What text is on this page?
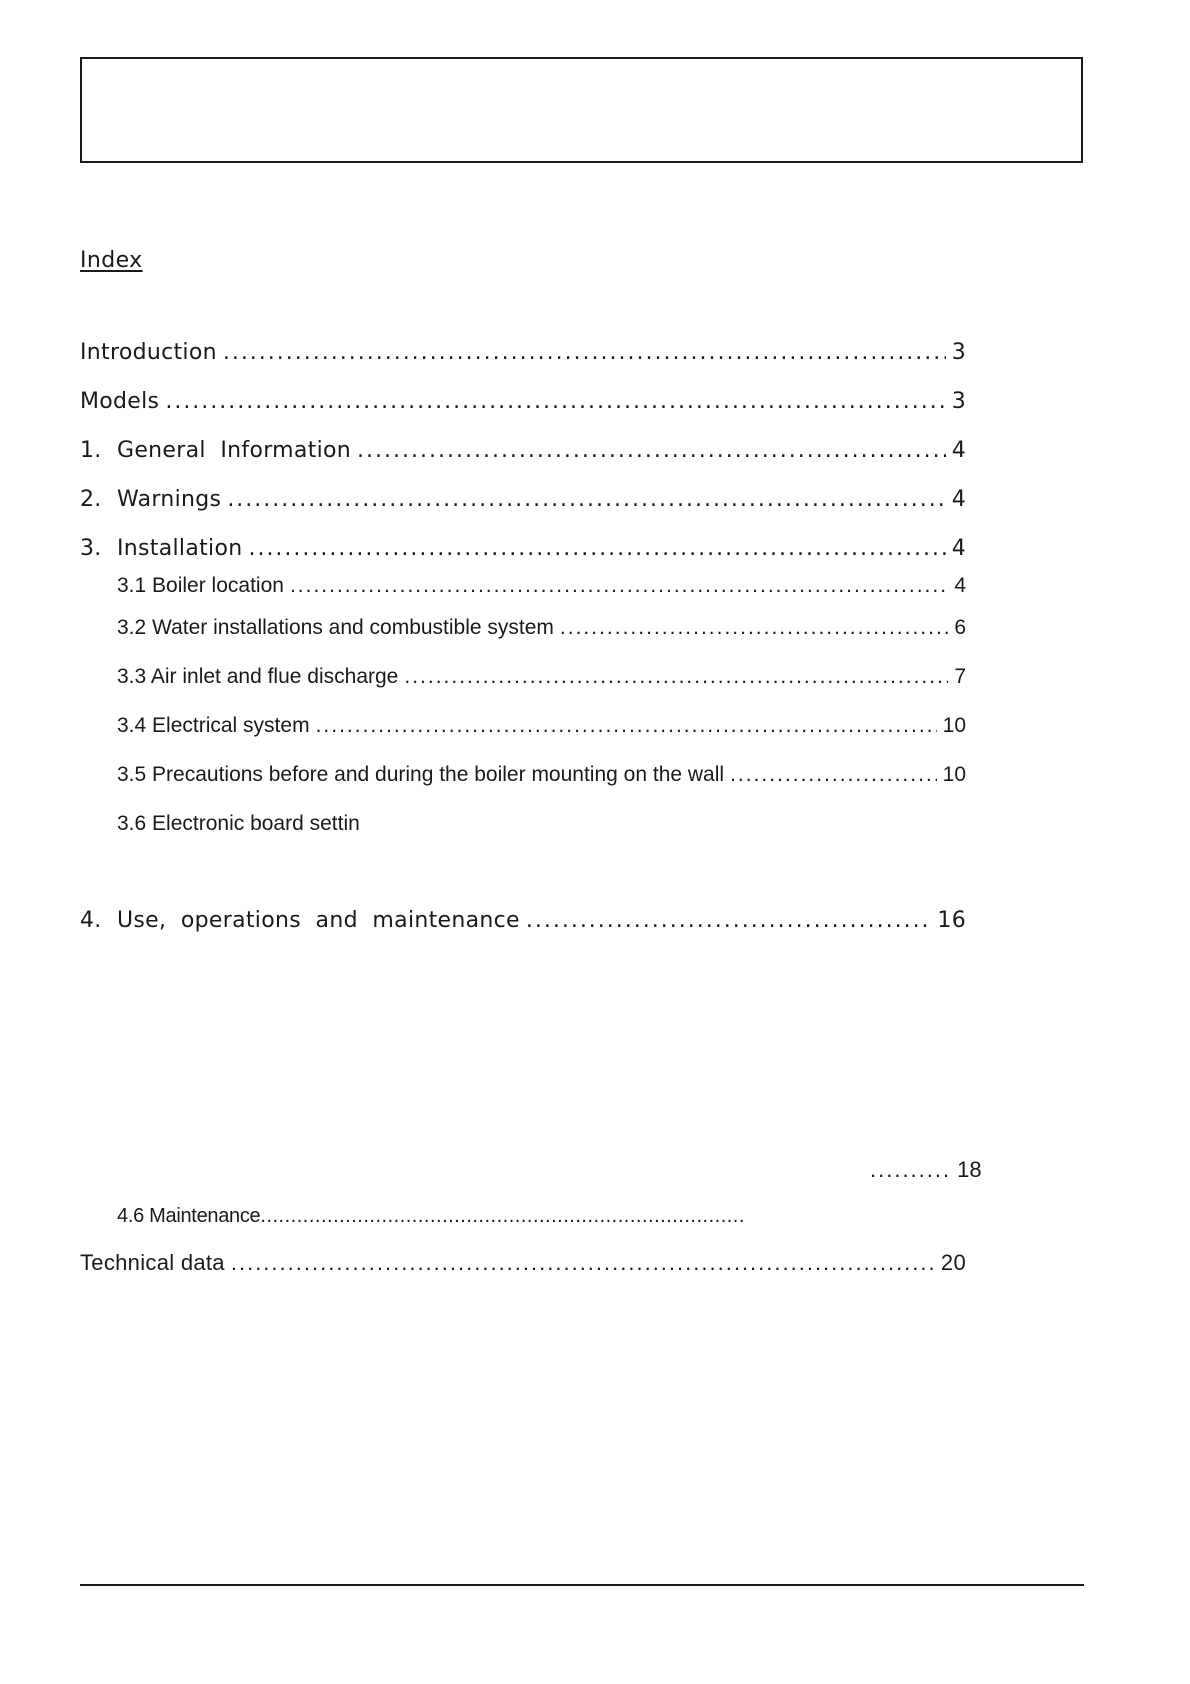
Index
Introduction .....	3
Models .....	3
1. General  Information .....	4
2. Warnings .....	4
3. Installation .....	4
3.1 Boiler location .....	4
3.2 Water installations and combustible system .....	6
3.3 Air inlet and flue discharge .....	7
3.4 Electrical system .....	10
3.5 Precautions before and during the boiler mounting on the wall .....	10
3.6 Electronic board settin
4. Use,  operations  and  maintenance .....	16
.......... 18
4.6 Maintenance................................................................................
Technical data .....	20
